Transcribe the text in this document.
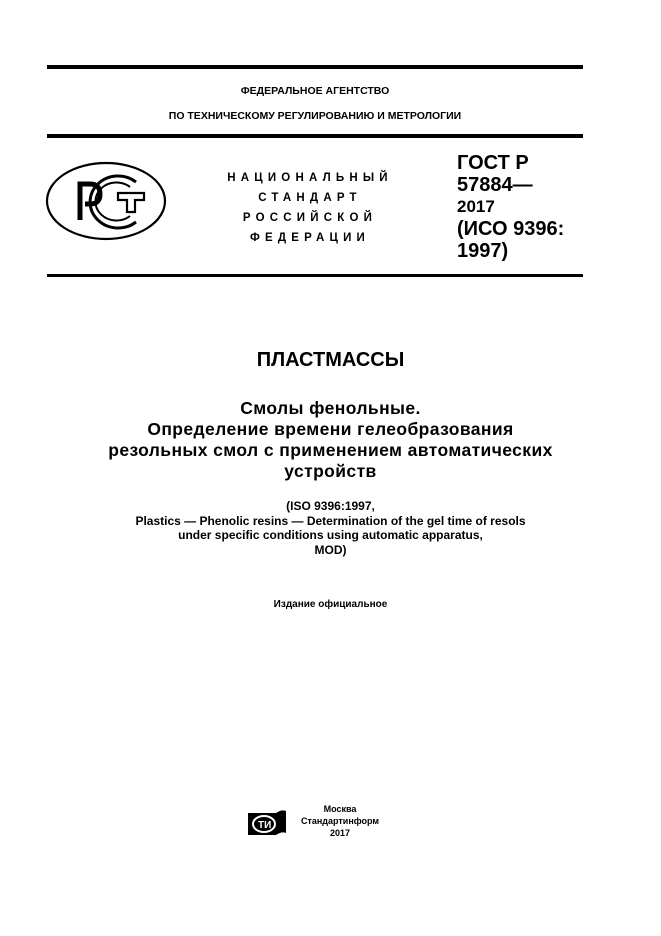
ФЕДЕРАЛЬНОЕ АГЕНТСТВО
ПО ТЕХНИЧЕСКОМУ РЕГУЛИРОВАНИЮ И МЕТРОЛОГИИ
НАЦИОНАЛЬНЫЙ
СТАНДАРТ
РОССИЙСКОЙ
ФЕДЕРАЦИИ
ГОСТ Р
57884—
2017
(ИСО 9396:
1997)
ПЛАСТМАССЫ
Смолы фенольные.
Определение времени гелеобразования
резольных смол с применением автоматических
устройств
(ISO 9396:1997,
Plastics — Phenolic resins — Determination of the gel time of resols
under specific conditions using automatic apparatus,
MOD)
Издание официальное
ТИ
Москва
Стандартинформ
2017
